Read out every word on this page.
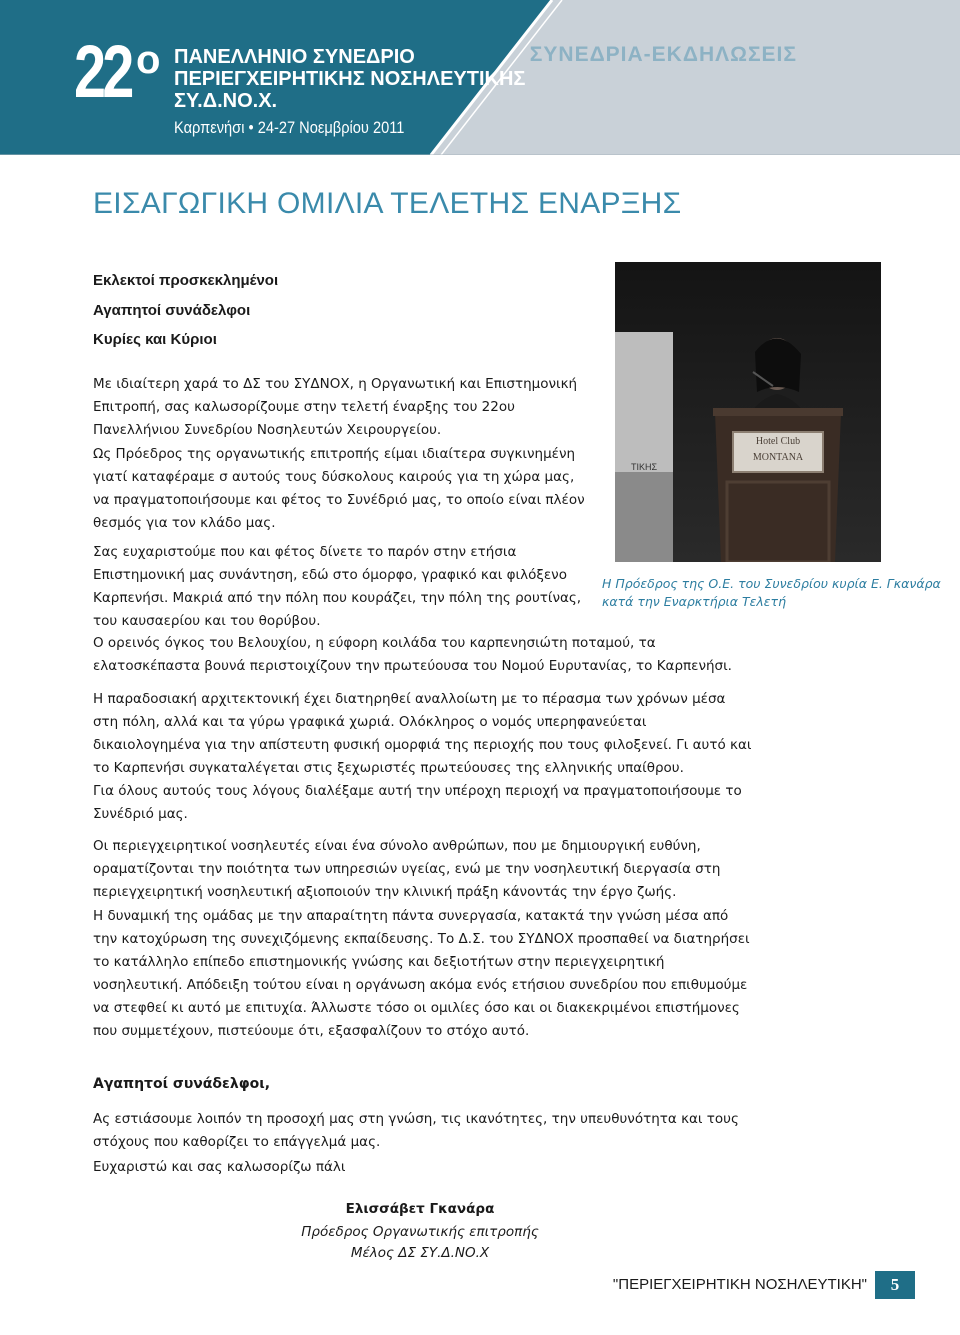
22 ο ΠΑΝΕΛΛΗΝΙΟ ΣΥΝΕΔΡΙΟ
ΠΕΡΙΕΓΧΕΙΡΗΤΙΚΗΣ ΝΟΣΗΛΕΥΤΙΚΗΣ
ΣΥ.Δ.ΝΟ.Χ.
Καρπενήσι • 24-27 Νοεμβρίου 2011
ΣΥΝΕΔΡΙΑ-ΕΚΔΗΛΩΣΕΙΣ
ΕΙΣΑΓΩΓΙΚΗ ΟΜΙΛΙΑ ΤΕΛΕΤΗΣ ΕΝΑΡΞΗΣ
Εκλεκτοί προσκεκλημένοι
Αγαπητοί συνάδελφοι
Κυρίες και Κύριοι

Με ιδιαίτερη χαρά το ΔΣ του ΣΥΔΝΟΧ, η Οργανωτική και Επιστημονική Επιτροπή, σας καλωσορίζουμε στην τελετή έναρξης του 22ου Πανελλήνιου Συνεδρίου Νοσηλευτών Χειρουργείου.

Ως Πρόεδρος της οργανωτικής επιτροπής είμαι ιδιαίτερα συγκινημένη γιατί καταφέραμε σ αυτούς τους δύσκολους καιρούς για τη χώρα μας, να πραγματοποιήσουμε και φέτος το Συνέδριό μας, το οποίο είναι πλέον θεσμός για τον κλάδο μας.

Σας ευχαριστούμε που και φέτος δίνετε το παρόν στην ετήσια Επιστημονική μας συνάντηση, εδώ στο όμορφο, γραφικό και φιλόξενο Καρπενήσι. Μακριά από την πόλη που κουράζει, την πόλη της ρουτίνας, του καυσαερίου και του θορύβου.

ΤΙΚΗΣ
Hotel Club
MONTANA
Η Πρόεδρος της Ο.Ε. του Συνεδρίου κυρία Ε. Γκανάρα
κατά την Εναρκτήρια Τελετή

Ο ορεινός όγκος του Βελουχίου, η εύφορη κοιλάδα του καρπενησιώτη ποταμού, τα ελατοσκέπαστα βουνά περιστοιχίζουν την πρωτεύουσα του Νομού Ευρυτανίας, το Καρπενήσι.

Η παραδοσιακή αρχιτεκτονική έχει διατηρηθεί αναλλοίωτη με το πέρασμα των χρόνων μέσα στη πόλη, αλλά και τα γύρω γραφικά χωριά. Ολόκληρος ο νομός υπερηφανεύεται δικαιολογημένα για την απίστευτη φυσική ομορφιά της περιοχής που τους φιλοξενεί. Γι αυτό και το Καρπενήσι συγκαταλέγεται στις ξεχωριστές πρωτεύουσες της ελληνικής υπαίθρου.

Για όλους αυτούς τους λόγους διαλέξαμε αυτή την υπέροχη περιοχή να πραγματοποιήσουμε το Συνέδριό μας.

Οι περιεγχειρητικοί νοσηλευτές είναι ένα σύνολο ανθρώπων, που με δημιουργική ευθύνη, οραματίζονται την ποιότητα των υπηρεσιών υγείας, ενώ με την νοσηλευτική διεργασία στη περιεγχειρητική νοσηλευτική αξιοποιούν την κλινική πράξη κάνοντάς την έργο ζωής.

Η δυναμική της ομάδας με την απαραίτητη πάντα συνεργασία, κατακτά την γνώση μέσα από την κατοχύρωση της συνεχιζόμενης εκπαίδευσης. Το Δ.Σ. του ΣΥΔΝΟΧ προσπαθεί να διατηρήσει το κατάλληλο επίπεδο επιστημονικής γνώσης και δεξιοτήτων στην περιεγχειρητική νοσηλευτική. Απόδειξη τούτου είναι η οργάνωση ακόμα ενός ετήσιου συνεδρίου που επιθυμούμε να στεφθεί κι αυτό με επιτυχία. Άλλωστε τόσο οι ομιλίες όσο και οι διακεκριμένοι επιστήμονες που συμμετέχουν, πιστεύουμε ότι, εξασφαλίζουν το στόχο αυτό.

Αγαπητοί συνάδελφοι,

Ας εστιάσουμε λοιπόν τη προσοχή μας στη γνώση, τις ικανότητες, την υπευθυνότητα και τους στόχους που καθορίζει το επάγγελμά μας.

Ευχαριστώ και σας καλωσορίζω πάλι

Ελισσάβετ Γκανάρα
Πρόεδρος Οργανωτικής επιτροπής
Μέλος ΔΣ ΣΥ.Δ.ΝΟ.Χ
"ΠΕΡΙΕΓΧΕΙΡΗΤΙΚΗ ΝΟΣΗΛΕΥΤΙΚΗ"	5
